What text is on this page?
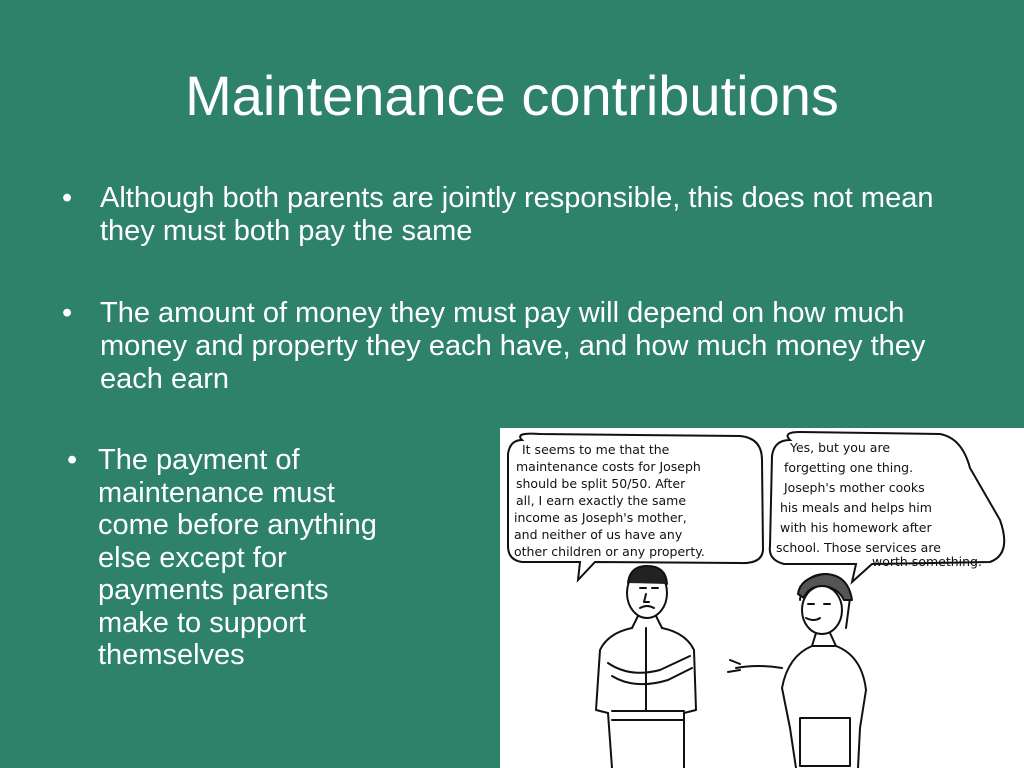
Maintenance contributions
• Although both parents are jointly responsible, this does not mean they must both pay the same
• The amount of money they must pay will depend on how much money and property they each have, and how much money they each earn
• The payment of maintenance must come before anything else except for payments parents make to support themselves
It seems to me that the maintenance costs for Joseph should be split 50/50. After all, I earn exactly the same income as Joseph's mother, and neither of us have any other children or any property.
Yes, but you are forgetting one thing. Joseph's mother cooks his meals and helps him with his homework after school. Those services are worth something.
